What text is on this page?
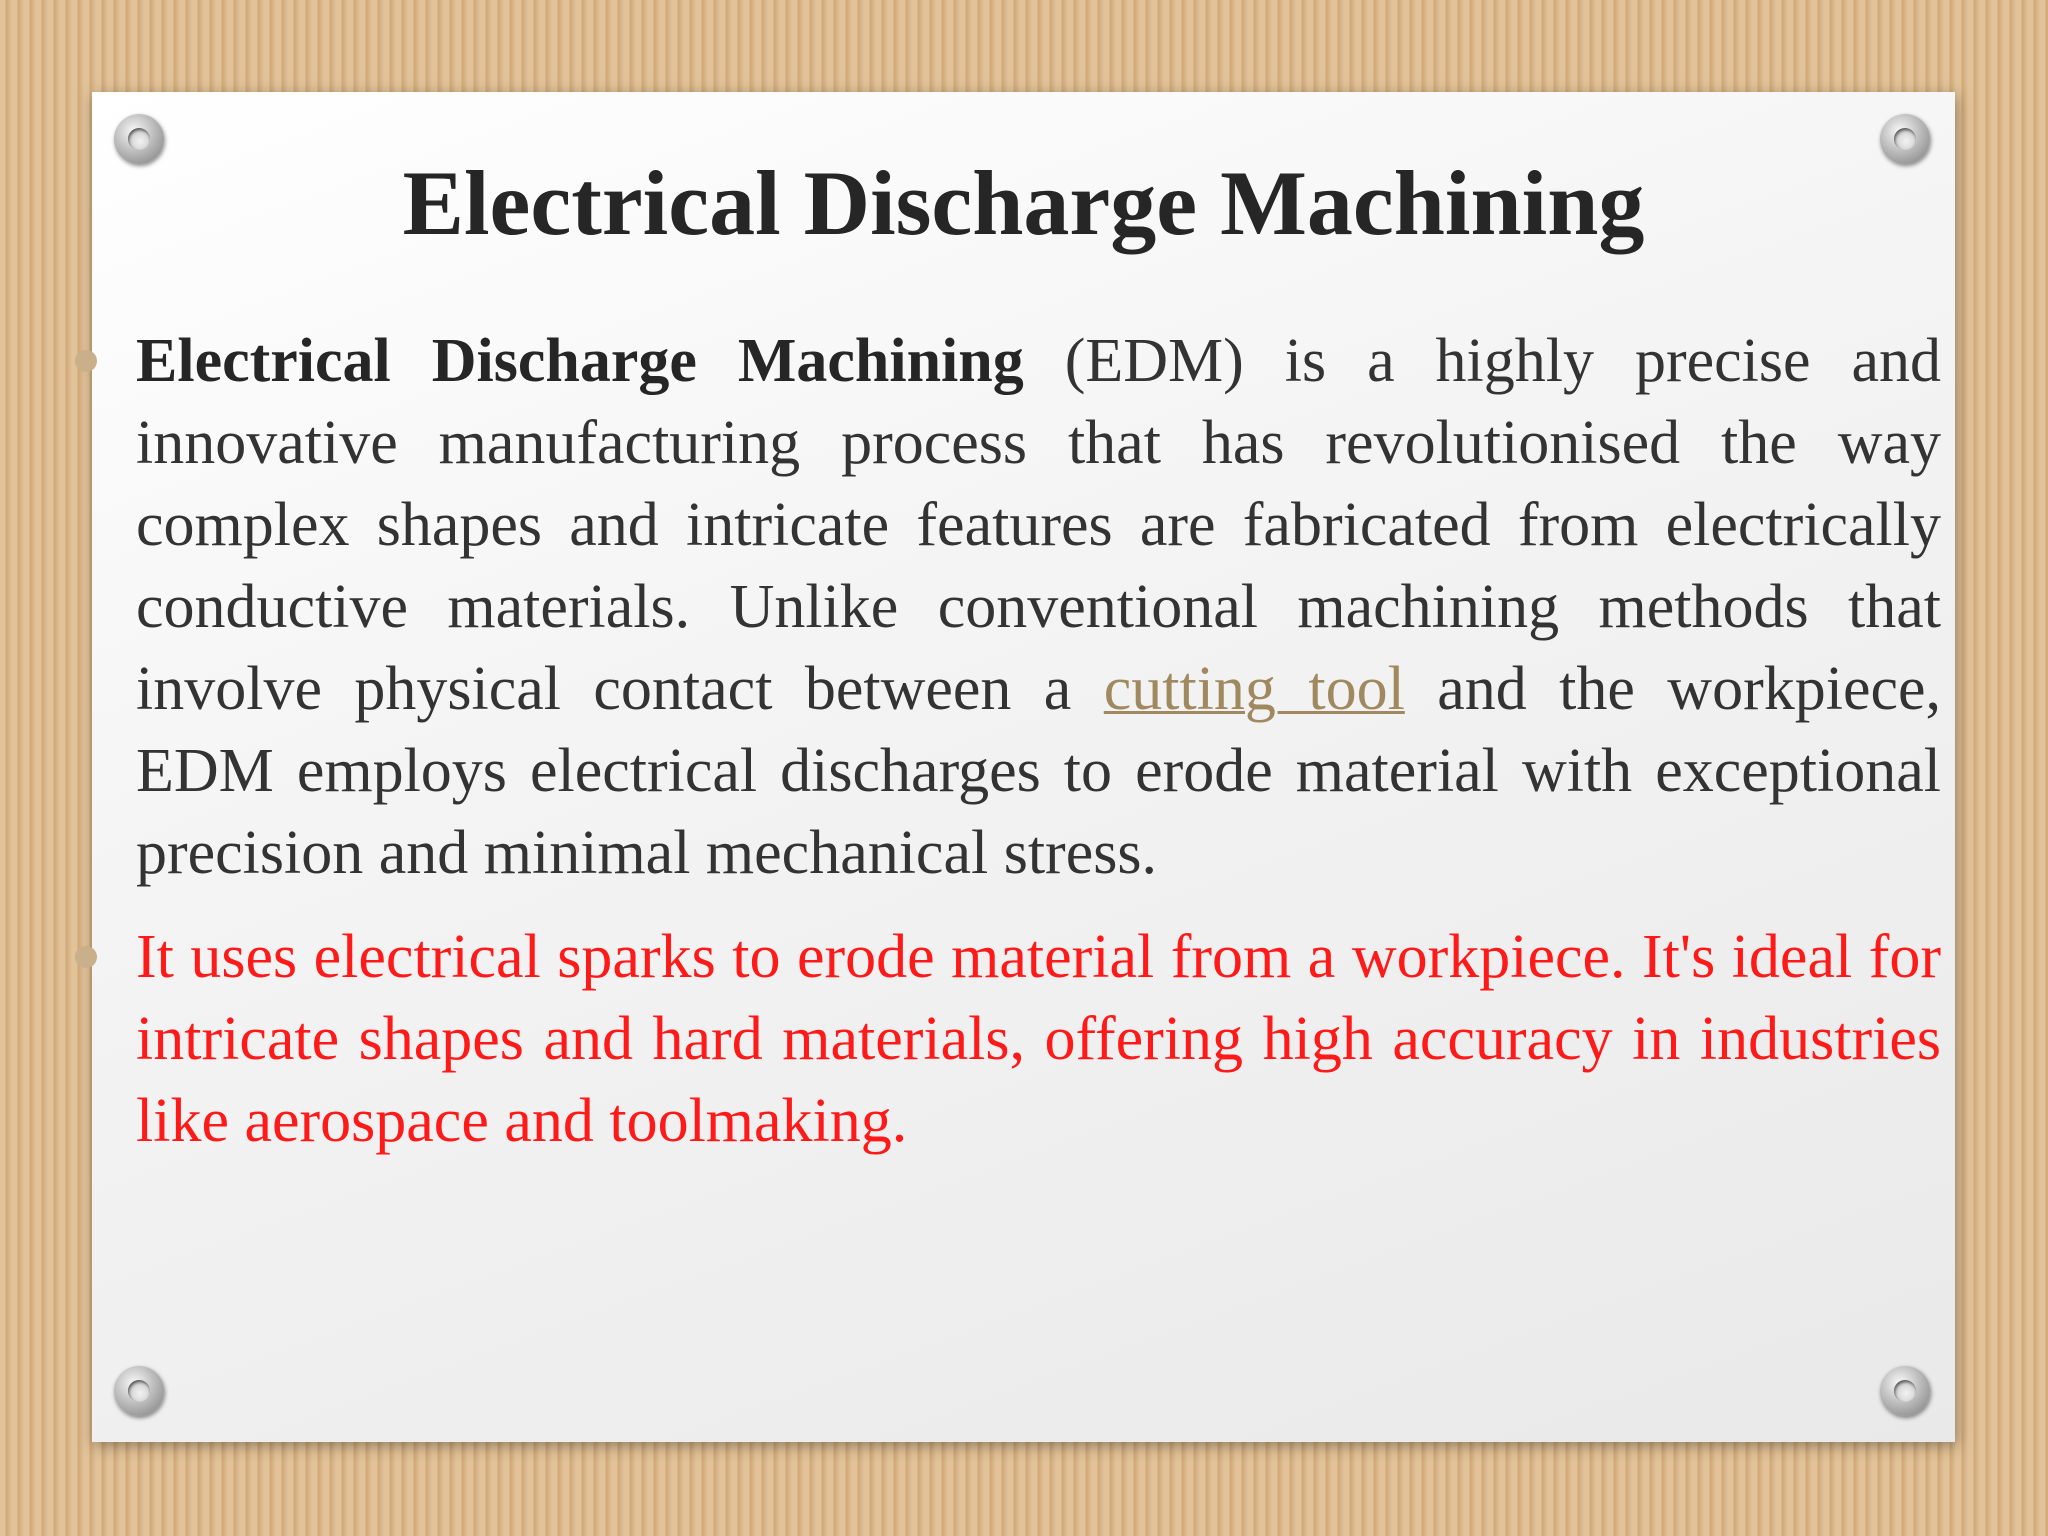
Electrical Discharge Machining

Electrical Discharge Machining (EDM) is a highly precise and innovative manufacturing process that has revolutionised the way complex shapes and intricate features are fabricated from electrically conductive materials. Unlike conventional machining methods that involve physical contact between a cutting tool and the workpiece, EDM employs electrical discharges to erode material with exceptional precision and minimal mechanical stress.

It uses electrical sparks to erode material from a workpiece. It's ideal for intricate shapes and hard materials, offering high accuracy in industries like aerospace and toolmaking.
